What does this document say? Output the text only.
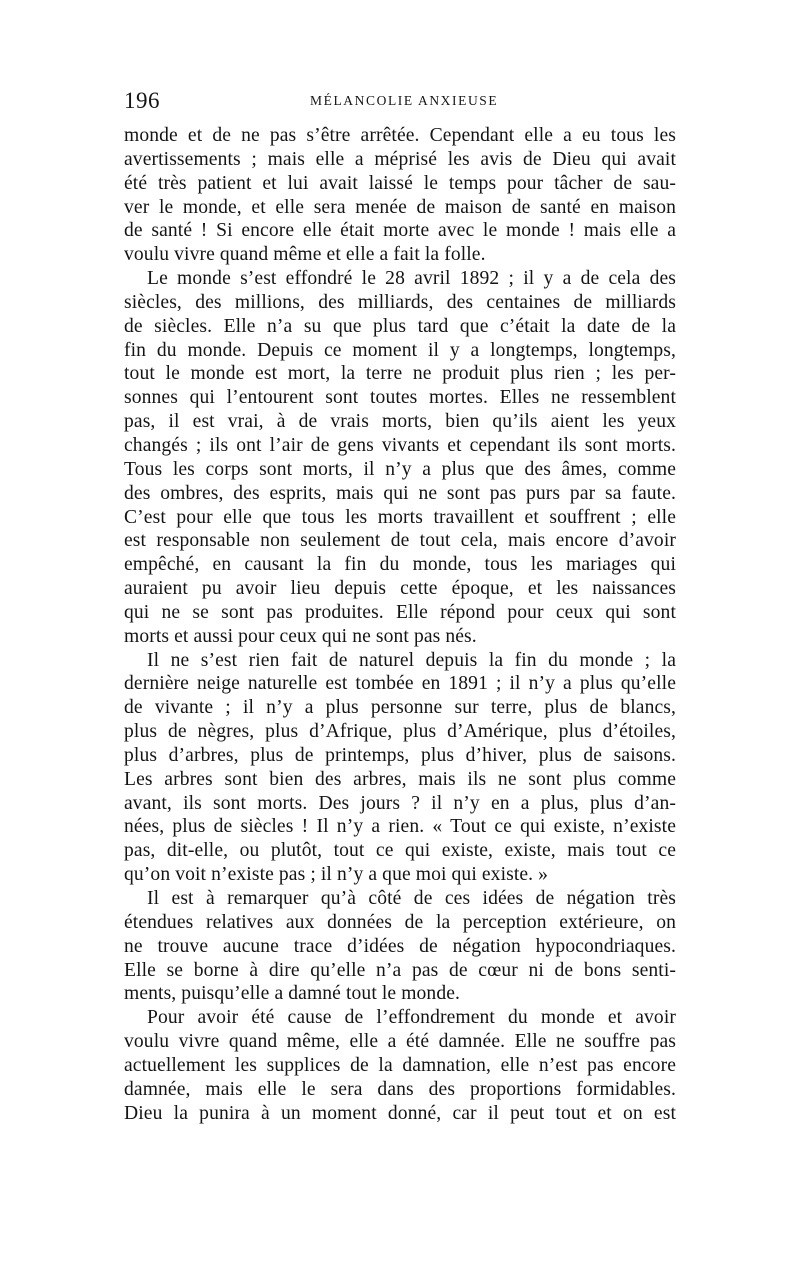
196	MÉLANCOLIE ANXIEUSE
monde et de ne pas s’être arrêtée. Cependant elle a eu tous les
avertissements ; mais elle a méprisé les avis de Dieu qui avait
été très patient et lui avait laissé le temps pour tâcher de sau-
ver le monde, et elle sera menée de maison de santé en maison
de santé ! Si encore elle était morte avec le monde ! mais elle a
voulu vivre quand même et elle a fait la folle.
Le monde s’est effondré le 28 avril 1892 ; il y a de cela des
siècles, des millions, des milliards, des centaines de milliards
de siècles. Elle n’a su que plus tard que c’était la date de la
fin du monde. Depuis ce moment il y a longtemps, longtemps,
tout le monde est mort, la terre ne produit plus rien ; les per-
sonnes qui l’entourent sont toutes mortes. Elles ne ressemblent
pas, il est vrai, à de vrais morts, bien qu’ils aient les yeux
changés ; ils ont l’air de gens vivants et cependant ils sont morts.
Tous les corps sont morts, il n’y a plus que des âmes, comme
des ombres, des esprits, mais qui ne sont pas purs par sa faute.
C’est pour elle que tous les morts travaillent et souffrent ; elle
est responsable non seulement de tout cela, mais encore d’avoir
empêché, en causant la fin du monde, tous les mariages qui
auraient pu avoir lieu depuis cette époque, et les naissances
qui ne se sont pas produites. Elle répond pour ceux qui sont
morts et aussi pour ceux qui ne sont pas nés.
Il ne s’est rien fait de naturel depuis la fin du monde ; la
dernière neige naturelle est tombée en 1891 ; il n’y a plus qu’elle
de vivante ; il n’y a plus personne sur terre, plus de blancs,
plus de nègres, plus d’Afrique, plus d’Amérique, plus d’étoiles,
plus d’arbres, plus de printemps, plus d’hiver, plus de saisons.
Les arbres sont bien des arbres, mais ils ne sont plus comme
avant, ils sont morts. Des jours ? il n’y en a plus, plus d’an-
nées, plus de siècles ! Il n’y a rien. « Tout ce qui existe, n’existe
pas, dit-elle, ou plutôt, tout ce qui existe, existe, mais tout ce
qu’on voit n’existe pas ; il n’y a que moi qui existe. »
Il est à remarquer qu’à côté de ces idées de négation très
étendues relatives aux données de la perception extérieure, on
ne trouve aucune trace d’idées de négation hypocondriaques.
Elle se borne à dire qu’elle n’a pas de cœur ni de bons senti-
ments, puisqu’elle a damné tout le monde.
Pour avoir été cause de l’effondrement du monde et avoir
voulu vivre quand même, elle a été damnée. Elle ne souffre pas
actuellement les supplices de la damnation, elle n’est pas encore
damnée, mais elle le sera dans des proportions formidables.
Dieu la punira à un moment donné, car il peut tout et on est
